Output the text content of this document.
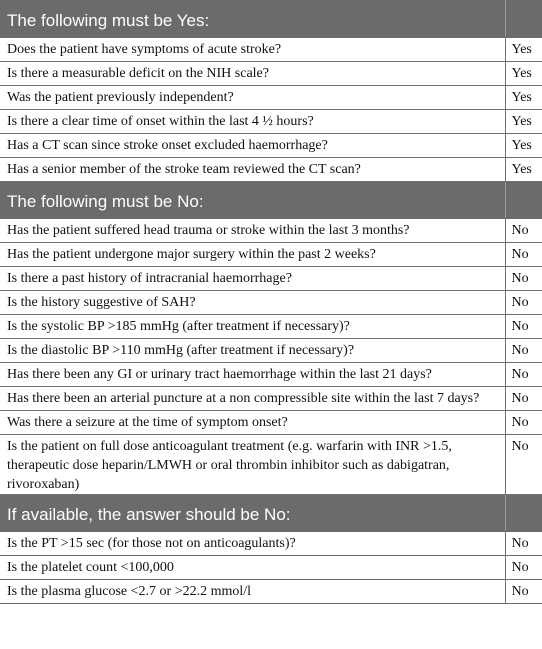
The following must be Yes:	
Does the patient have symptoms of acute stroke?	Yes
Is there a measurable deficit on the NIH scale?	Yes
Was the patient previously independent?	Yes
Is there a clear time of onset within the last 4 ½ hours?	Yes
Has a CT scan since stroke onset excluded haemorrhage?	Yes
Has a senior member of the stroke team reviewed the CT scan?	Yes
The following must be No:	
Has the patient suffered head trauma or stroke within the last 3 months?	No
Has the patient undergone major surgery within the past 2 weeks?	No
Is there a past history of intracranial haemorrhage?	No
Is the history suggestive of SAH?	No
Is the systolic BP >185 mmHg (after treatment if necessary)?	No
Is the diastolic BP >110 mmHg (after treatment if necessary)?	No
Has there been any GI or urinary tract haemorrhage within the last 21 days?	No
Has there been an arterial puncture at a non compressible site within the last 7 days?	No
Was there a seizure at the time of symptom onset?	No
Is the patient on full dose anticoagulant treatment (e.g. warfarin with INR >1.5, therapeutic dose heparin/LMWH or oral thrombin inhibitor such as dabigatran, rivoroxaban)	No
If available, the answer should be No:	
Is the PT >15 sec (for those not on anticoagulants)?	No
Is the platelet count <100,000	No
Is the plasma glucose <2.7 or >22.2 mmol/l	No
